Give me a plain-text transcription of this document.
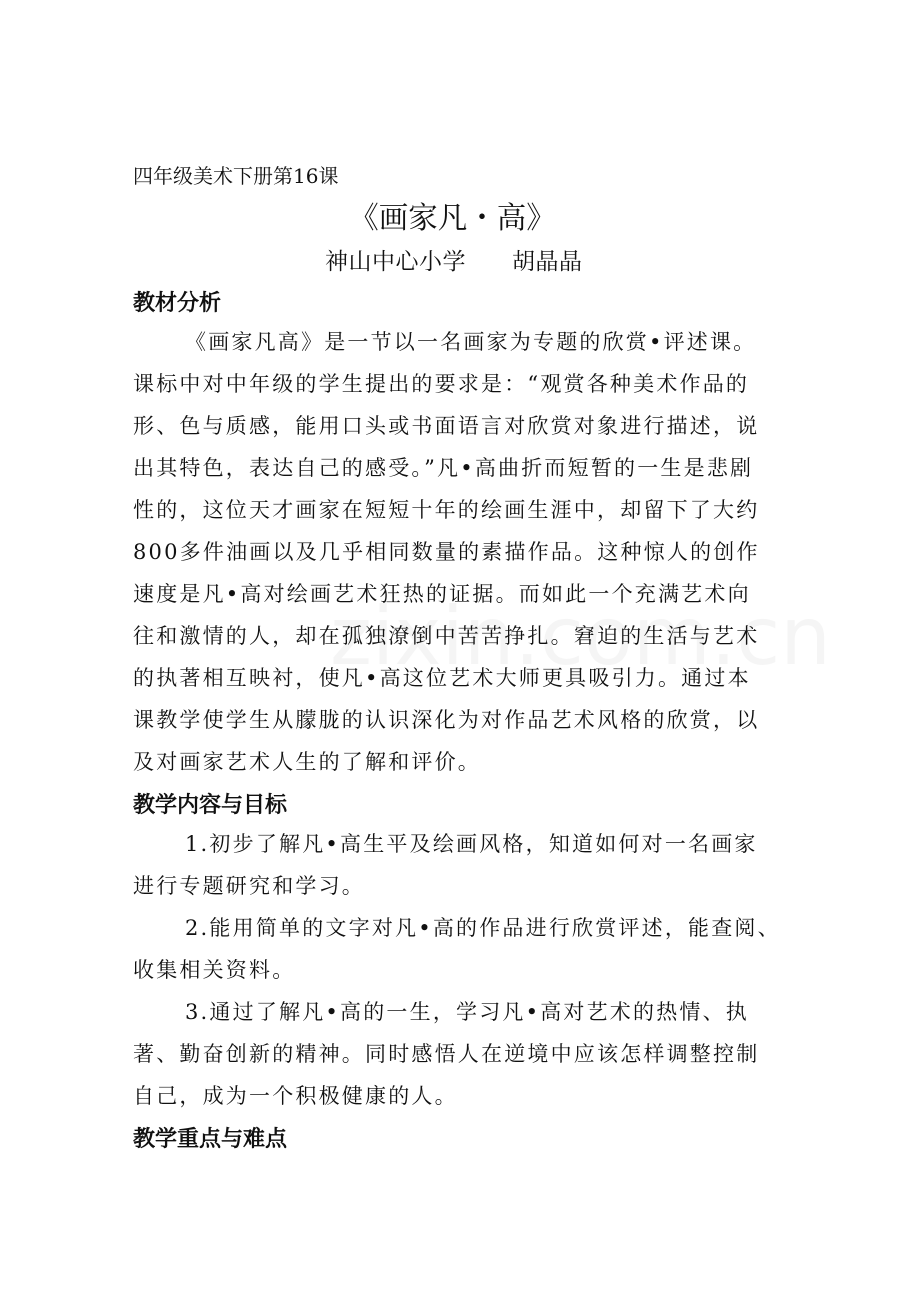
四年级美术下册第16课
《画家凡・高》
神山中心小学 胡晶晶
教材分析
《画家凡高》是一节以一名画家为专题的欣赏•评述课。
课标中对中年级的学生提出的要求是：“观赏各种美术作品的
形、色与质感，能用口头或书面语言对欣赏对象进行描述，说
出其特色，表达自己的感受。”凡•高曲折而短暂的一生是悲剧
性的，这位天才画家在短短十年的绘画生涯中，却留下了大约
800多件油画以及几乎相同数量的素描作品。这种惊人的创作
速度是凡•高对绘画艺术狂热的证据。而如此一个充满艺术向
往和激情的人，却在孤独潦倒中苦苦挣扎。窘迫的生活与艺术
的执著相互映衬，使凡•高这位艺术大师更具吸引力。通过本
课教学使学生从朦胧的认识深化为对作品艺术风格的欣赏，以
及对画家艺术人生的了解和评价。
教学内容与目标
1.初步了解凡•高生平及绘画风格，知道如何对一名画家
进行专题研究和学习。
2.能用简单的文字对凡•高的作品进行欣赏评述，能查阅、
收集相关资料。
3.通过了解凡•高的一生，学习凡•高对艺术的热情、执
著、勤奋创新的精神。同时感悟人在逆境中应该怎样调整控制
自己，成为一个积极健康的人。
教学重点与难点
